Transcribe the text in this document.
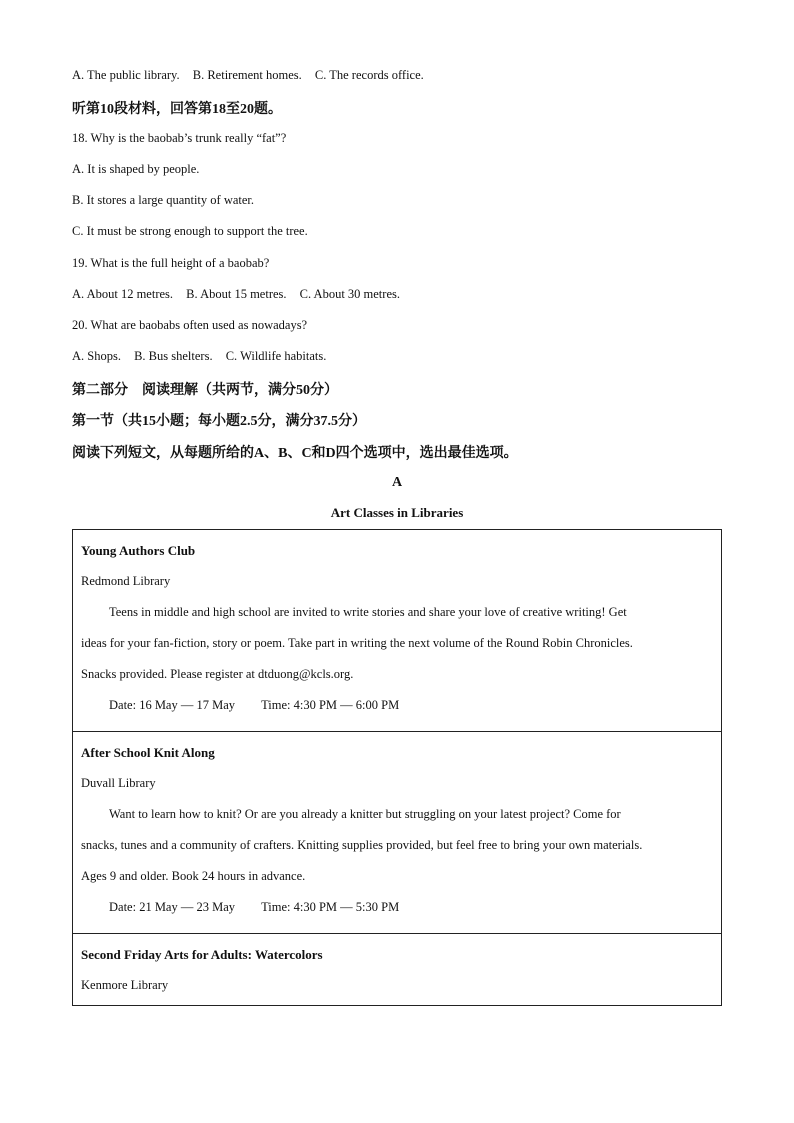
A. The public library. B. Retirement homes. C. The records office.
听第10段材料，回答第18至20题。
18. Why is the baobab’s trunk really “fat”?
A. It is shaped by people.
B. It stores a large quantity of water.
C. It must be strong enough to support the tree.
19. What is the full height of a baobab?
A. About 12 metres. B. About 15 metres. C. About 30 metres.
20. What are baobabs often used as nowadays?
A. Shops. B. Bus shelters. C. Wildlife habitats.
第二部分　阅读理解（共两节，满分50分）
第一节（共15小题；每小题2.5分，满分37.5分）
阅读下列短文，从每题所给的A、B、C和D四个选项中，选出最佳选项。
A
Art Classes in Libraries
Young Authors Club
Redmond Library
Teens in middle and high school are invited to write stories and share your love of creative writing! Get
ideas for your fan-fiction, story or poem. Take part in writing the next volume of the Round Robin Chronicles.
Snacks provided. Please register at dtduong@kcls.org.
Date: 16 May — 17 May Time: 4:30 PM — 6:00 PM

After School Knit Along
Duvall Library
Want to learn how to knit? Or are you already a knitter but struggling on your latest project? Come for
snacks, tunes and a community of crafters. Knitting supplies provided, but feel free to bring your own materials.
Ages 9 and older. Book 24 hours in advance.
Date: 21 May — 23 May Time: 4:30 PM — 5:30 PM

Second Friday Arts for Adults: Watercolors
Kenmore Library
